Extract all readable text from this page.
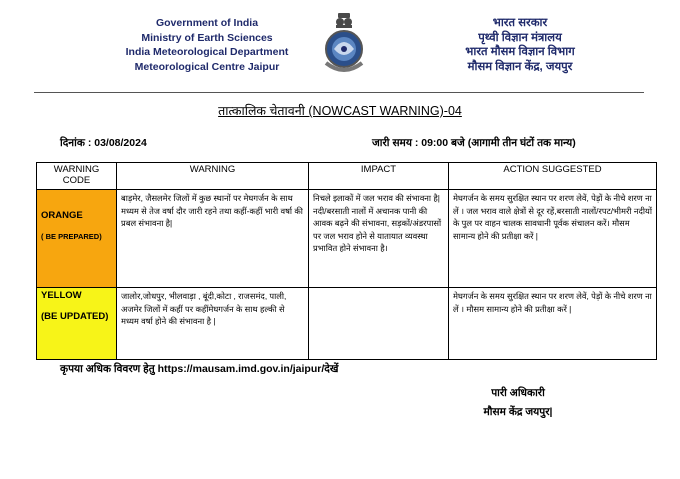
Government of India
Ministry of Earth Sciences
India Meteorological Department
Meteorological Centre Jaipur
भारत सरकार
पृथ्वी विज्ञान मंत्रालय
भारत मौसम विज्ञान विभाग
मौसम विज्ञान केंद्र, जयपुर
तात्कालिक चेतावनी (NOWCAST WARNING)-04
दिनांक : 03/08/2024	जारी समय : 09:00 बजे (आगामी तीन घंटों तक मान्य)
WARNING CODE	WARNING	IMPACT	ACTION SUGGESTED

ORANGE
( BE PREPARED)	बाड़मेर, जैसलमेर जिलों में कुछ स्थानों पर मेघगर्जन के साथ मध्यम से तेज वर्षा दौर जारी रहने तथा कहीं-कहीं भारी वर्षा की प्रबल संभावना है|	निचले इलाकों में जल भराव की संभावना है|नदी/बरसाती नालों में अचानक पानी की आवक बढ़ने की संभावना, सड़कों/अंडरपासों पर जल भराव होने से यातायात व्यवस्था प्रभावित होने संभावना है।	मेघगर्जन के समय सुरक्षित स्थान पर शरण लेवें, पेड़ों के नीचे शरण ना लें । जल भराव वाले क्षेत्रों से दूर रहें,बरसाती नालों/रपट/भीमरी नदीयों के पुल पर वाहन चालक सावधानी पूर्वक संचालन करें। मौसम सामान्य होने की प्रतीक्षा करें |

YELLOW
(BE UPDATED)	जालोर,जोधपुर, भीलवाड़ा , बूंदी,कोटा , राजसमंद, पाली, अजमेर जिलों में कहीं पर कहींमेघगर्जन के साथ हल्की से मध्यम वर्षा होने की संभावना है |		मेघगर्जन के समय सुरक्षित स्थान पर शरण लेवें, पेड़ों के नीचे शरण ना लें । मौसम सामान्य होने की प्रतीक्षा करें |
कृपया अधिक विवरण हेतु https://mausam.imd.gov.in/jaipur/देखें
पारी अधिकारी
मौसम केंद्र जयपुर|
